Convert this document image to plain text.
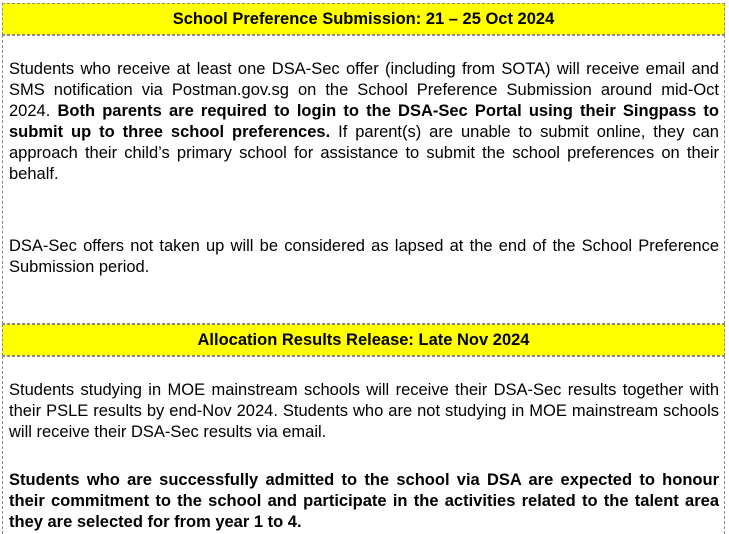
School Preference Submission: 21 – 25 Oct 2024
Students who receive at least one DSA-Sec offer (including from SOTA) will receive email and SMS notification via Postman.gov.sg on the School Preference Submission around mid-Oct 2024. Both parents are required to login to the DSA-Sec Portal using their Singpass to submit up to three school preferences. If parent(s) are unable to submit online, they can approach their child’s primary school for assistance to submit the school preferences on their behalf.
DSA-Sec offers not taken up will be considered as lapsed at the end of the School Preference Submission period.
Allocation Results Release: Late Nov 2024
Students studying in MOE mainstream schools will receive their DSA-Sec results together with their PSLE results by end-Nov 2024. Students who are not studying in MOE mainstream schools will receive their DSA-Sec results via email.
Students who are successfully admitted to the school via DSA are expected to honour their commitment to the school and participate in the activities related to the talent area they are selected for from year 1 to 4.
